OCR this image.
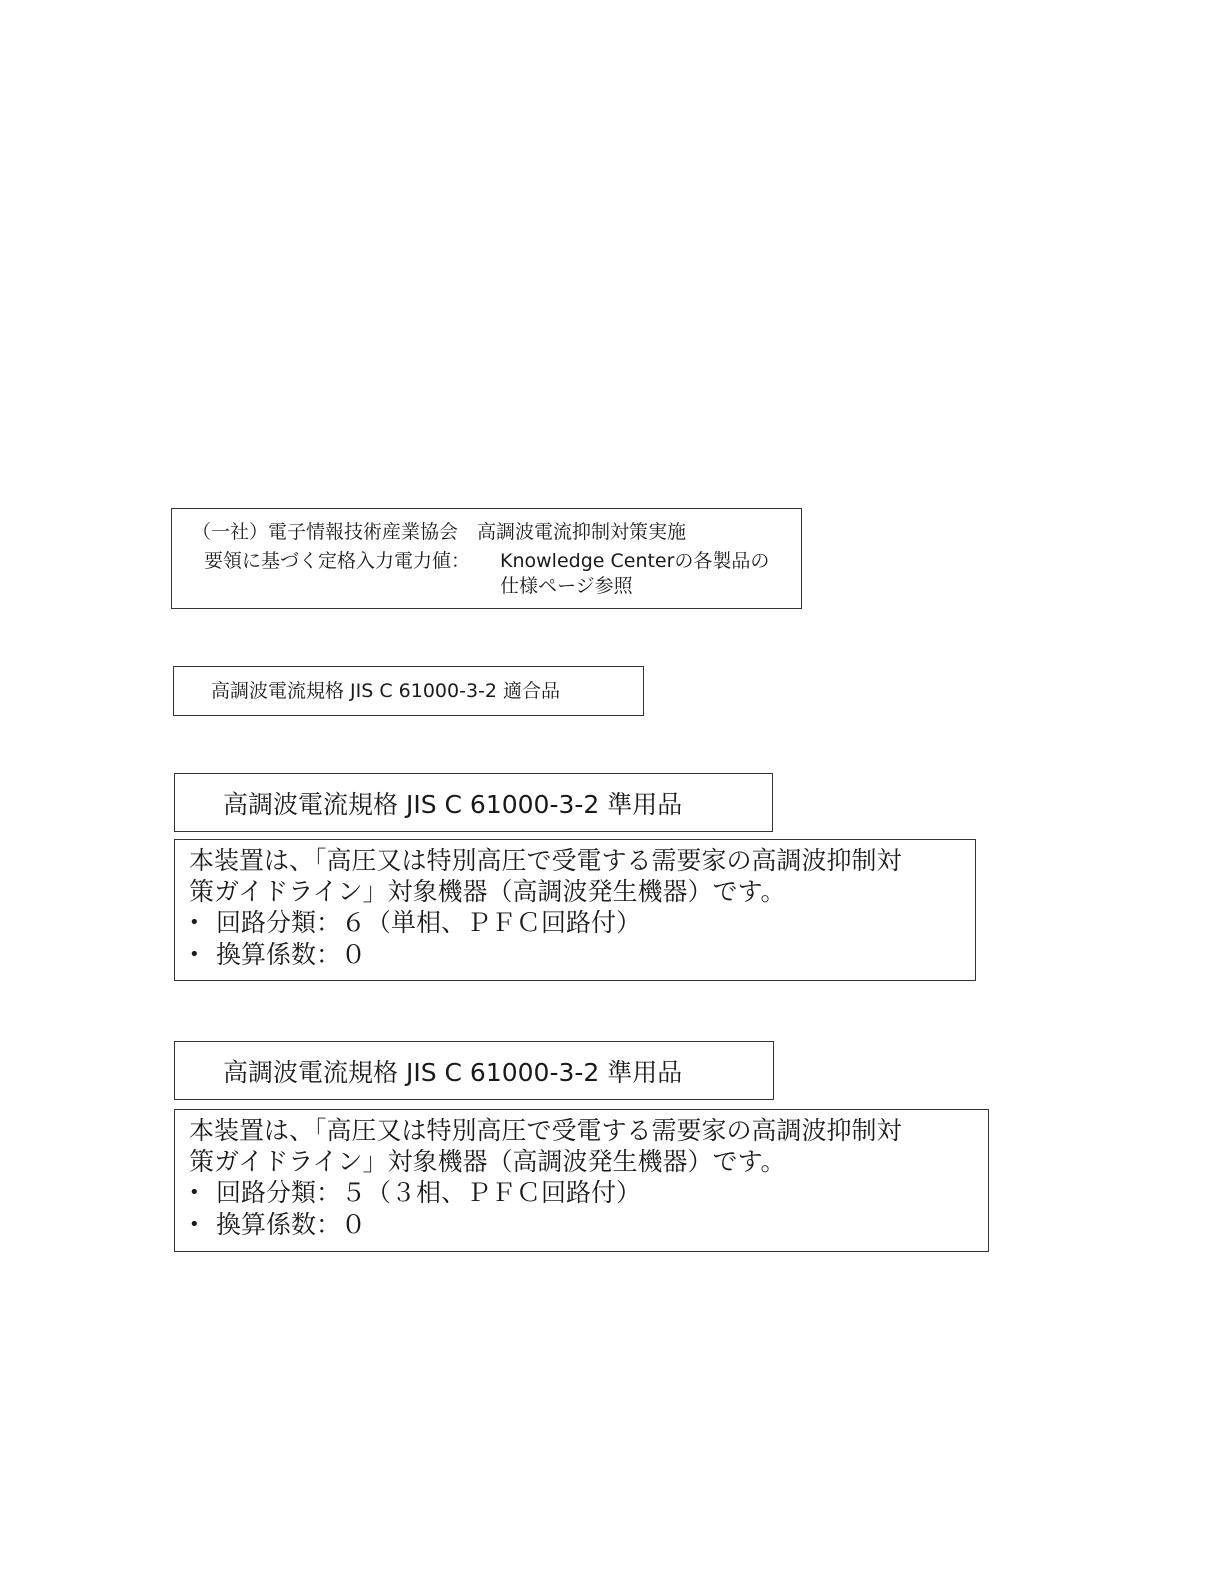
（一社）電子情報技術産業協会　高調波電流抑制対策実施
要領に基づく定格入力電力値： Knowledge Centerの各製品の
仕様ページ参照
高調波電流規格 JIS C 61000-3-2 適合品
高調波電流規格 JIS C 61000-3-2 準用品
本装置は、「高圧又は特別高圧で受電する需要家の高調波抑制対
策ガイドライン」対象機器（高調波発生機器）です。
• 回路分類：６（単相、ＰＦＣ回路付）
• 換算係数：０
高調波電流規格 JIS C 61000-3-2 準用品
本装置は、「高圧又は特別高圧で受電する需要家の高調波抑制対
策ガイドライン」対象機器（高調波発生機器）です。
• 回路分類：５（３相、ＰＦＣ回路付）
• 換算係数：０
